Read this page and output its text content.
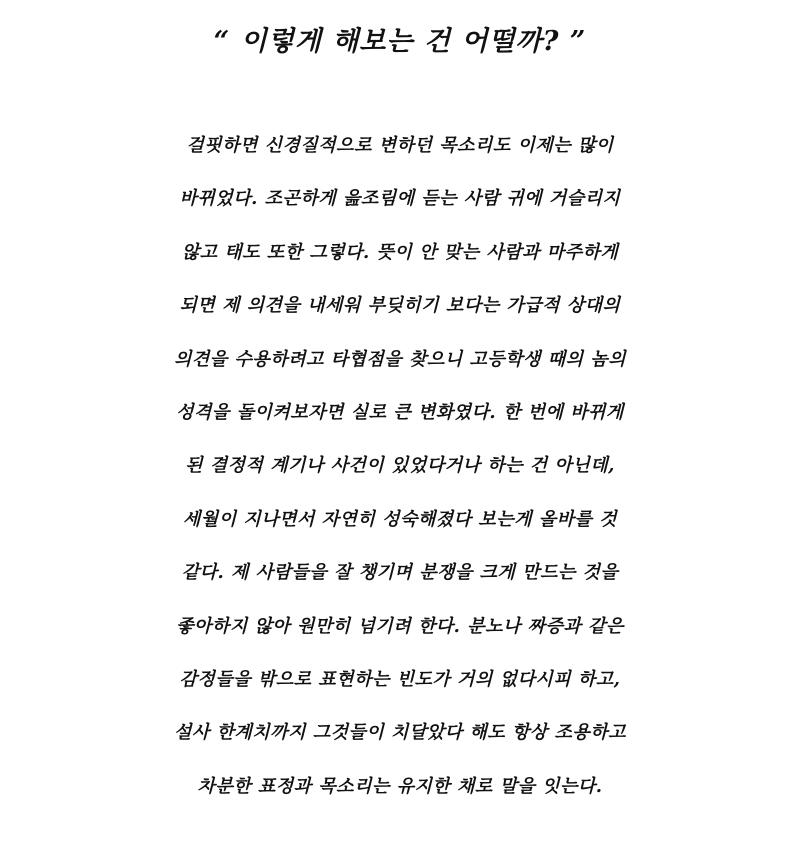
“ 이렇게 해보는 건 어떨까? ”
걸핏하면 신경질적으로 변하던 목소리도 이제는 많이
바뀌었다. 조곤하게 읊조림에 듣는 사람 귀에 거슬리지
않고 태도 또한 그렇다. 뜻이 안 맞는 사람과 마주하게
되면 제 의견을 내세워 부딪히기 보다는 가급적 상대의
의견을 수용하려고 타협점을 찾으니 고등학생 때의 놈의
성격을 돌이켜보자면 실로 큰 변화였다. 한 번에 바뀌게
된 결정적 계기나 사건이 있었다거나 하는 건 아닌데,
세월이 지나면서 자연히 성숙해졌다 보는게 올바를 것
같다. 제 사람들을 잘 챙기며 분쟁을 크게 만드는 것을
좋아하지 않아 원만히 넘기려 한다. 분노나 짜증과 같은
감정들을 밖으로 표현하는 빈도가 거의 없다시피 하고,
설사 한계치까지 그것들이 치달았다 해도 항상 조용하고
차분한 표정과 목소리는 유지한 채로 말을 잇는다.
